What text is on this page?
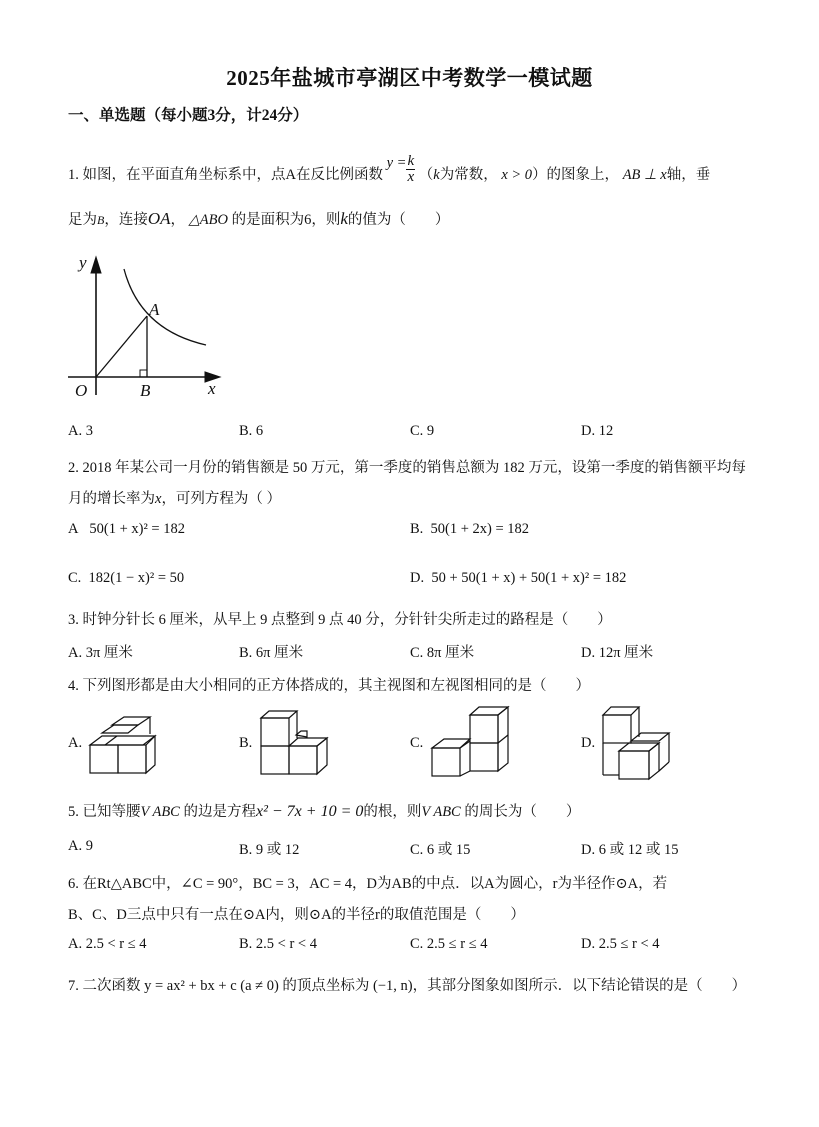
2025年盐城市亭湖区中考数学一模试题
一、单选题（每小题3分，计24分）
1. 如图，在平面直角坐标系中，点A在反比例函数 $y = \frac{k}{x} (k$为常数， x > 0）的图象上， AB ⊥ x轴，垂
足为B，连接OA， △ABO 的是面积为6，则k的值为（　　）
y
x
O
A
B
A. 3	B. 6	C. 9	D. 12
2. 2018 年某公司一月份的销售额是 50 万元，第一季度的销售总额为 182 万元，设第一季度的销售额平均每
月的增长率为x，可列方程为（ ）
A 50(1 + x)² = 182	B. 50(1 + 2x) = 182
C. 182(1 − x)² = 50	D. 50 + 50(1 + x) + 50(1 + x)² = 182
3. 时钟分针长 6 厘米，从早上 9 点整到 9 点 40 分，分针针尖所走过的路程是（　　）
A. 3π 厘米	B. 6π 厘米	C. 8π 厘米	D. 12π 厘米
4. 下列图形都是由大小相同的正方体搭成的，其主视图和左视图相同的是（　　）
A.	B.	C.	D.
5. 已知等腰V ABC 的边是方程x² − 7x + 10 = 0的根，则V ABC 的周长为（　　）
A. 9	B. 9 或 12	C. 6 或 15	D. 6 或 12 或 15
6. 在Rt△ABC中，∠C = 90°，BC = 3，AC = 4，D为AB的中点．以A为圆心，r为半径作⊙A，若
B、C、D三点中只有一点在⊙A内，则⊙A的半径r的取值范围是（　　）
A. 2.5 < r ≤ 4	B. 2.5 < r < 4	C. 2.5 ≤ r ≤ 4	D. 2.5 ≤ r < 4
7. 二次函数 y = ax² + bx + c (a ≠ 0) 的顶点坐标为 (−1, n)，其部分图象如图所示．以下结论错误的是（　　）
